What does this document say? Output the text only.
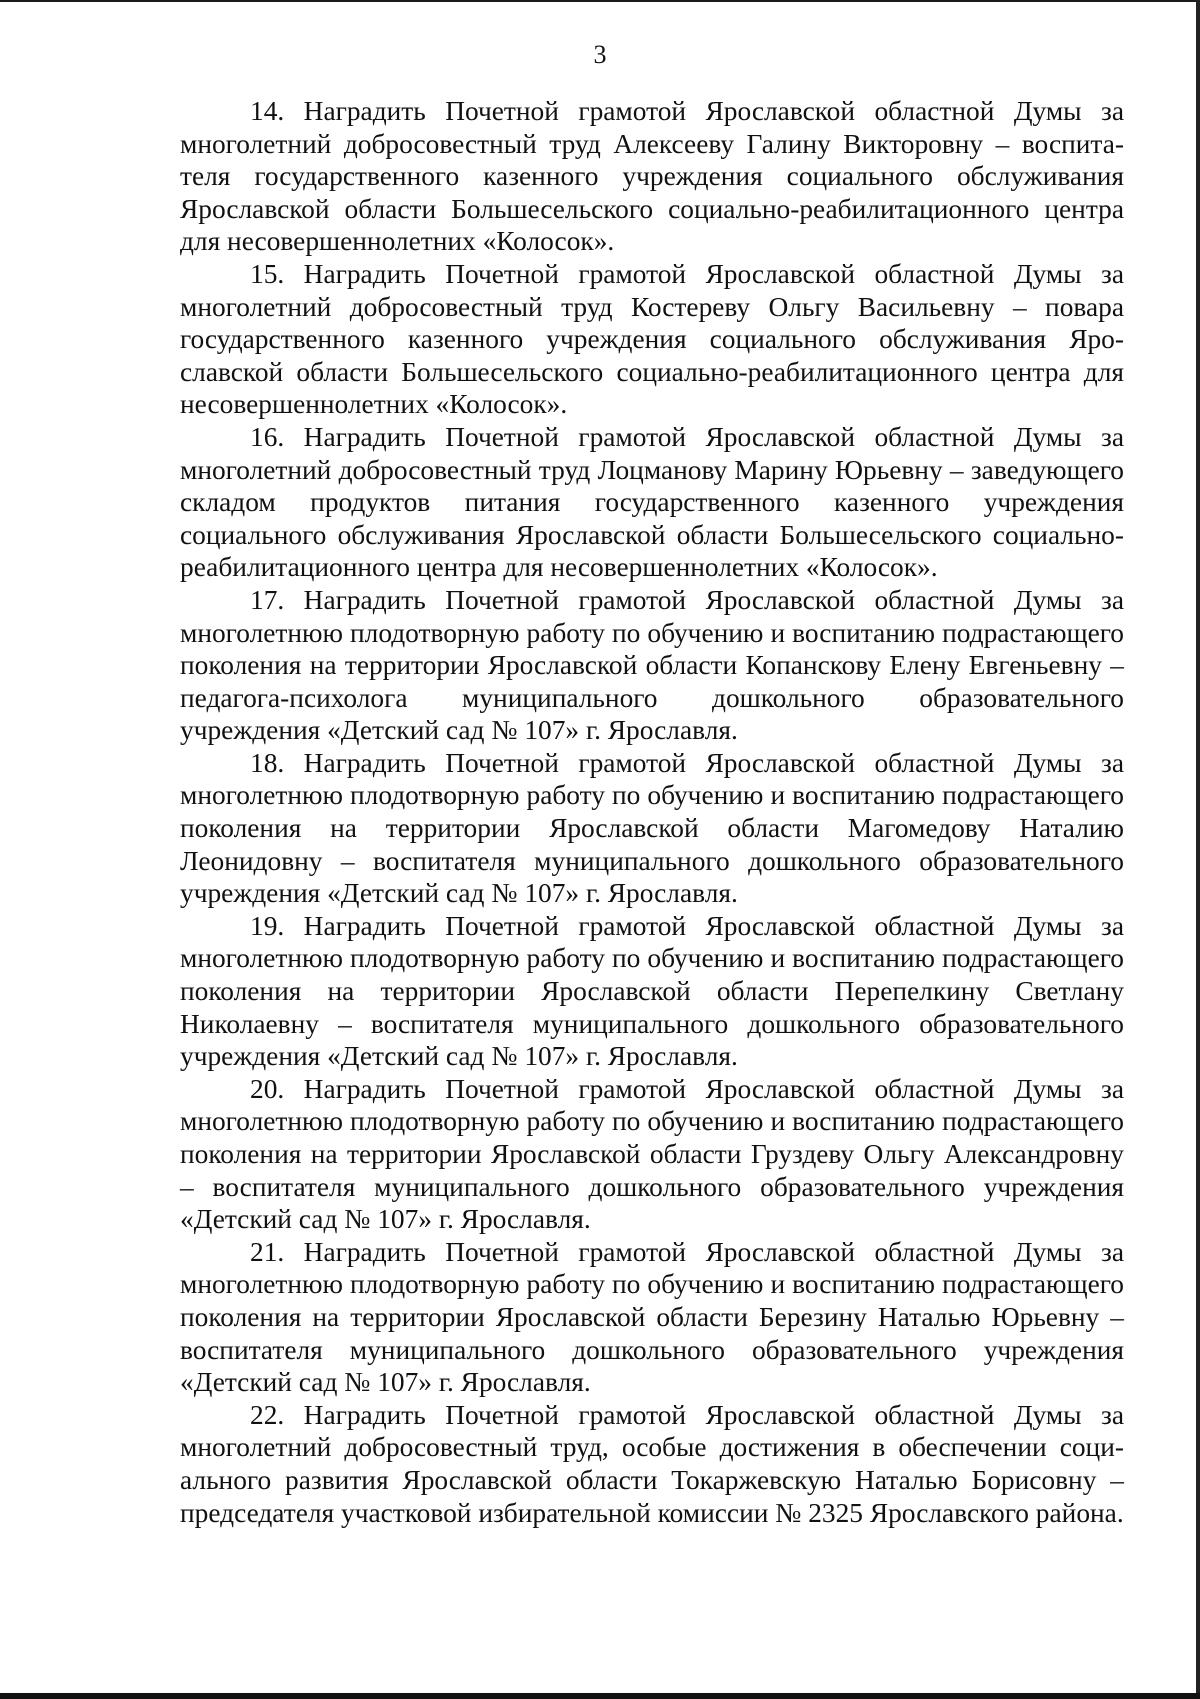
3

14. Наградить Почетной грамотой Ярославской областной Думы за многолетний добросовестный труд Алексееву Галину Викторовну – воспитателя государственного казенного учреждения социального обслуживания Ярославской области Большесельского социально-реабилитационного центра для несовершеннолетних «Колосок».

15. Наградить Почетной грамотой Ярославской областной Думы за многолетний добросовестный труд Костереву Ольгу Васильевну – повара государственного казенного учреждения социального обслуживания Ярославской области Большесельского социально-реабилитационного центра для несовершеннолетних «Колосок».

16. Наградить Почетной грамотой Ярославской областной Думы за многолетний добросовестный труд Лоцманову Марину Юрьевну – заведующего складом продуктов питания государственного казенного учреждения социального обслуживания Ярославской области Большесельского социально-реабилитационного центра для несовершеннолетних «Колосок».

17. Наградить Почетной грамотой Ярославской областной Думы за многолетнюю плодотворную работу по обучению и воспитанию подрастающего поколения на территории Ярославской области Копанскову Елену Евгеньевну – педагога-психолога муниципального дошкольного образовательного учреждения «Детский сад № 107» г. Ярославля.

18. Наградить Почетной грамотой Ярославской областной Думы за многолетнюю плодотворную работу по обучению и воспитанию подрастающего поколения на территории Ярославской области Магомедову Наталию Леонидовну – воспитателя муниципального дошкольного образовательного учреждения «Детский сад № 107» г. Ярославля.

19. Наградить Почетной грамотой Ярославской областной Думы за многолетнюю плодотворную работу по обучению и воспитанию подрастающего поколения на территории Ярославской области Перепелкину Светлану Николаевну – воспитателя муниципального дошкольного образовательного учреждения «Детский сад № 107» г. Ярославля.

20. Наградить Почетной грамотой Ярославской областной Думы за многолетнюю плодотворную работу по обучению и воспитанию подрастающего поколения на территории Ярославской области Груздеву Ольгу Александровну – воспитателя муниципального дошкольного образовательного учреждения «Детский сад № 107» г. Ярославля.

21. Наградить Почетной грамотой Ярославской областной Думы за многолетнюю плодотворную работу по обучению и воспитанию подрастающего поколения на территории Ярославской области Березину Наталью Юрьевну – воспитателя муниципального дошкольного образовательного учреждения «Детский сад № 107» г. Ярославля.

22. Наградить Почетной грамотой Ярославской областной Думы за многолетний добросовестный труд, особые достижения в обеспечении социального развития Ярославской области Токаржевскую Наталью Борисовну – председателя участковой избирательной комиссии № 2325 Ярославского района.
